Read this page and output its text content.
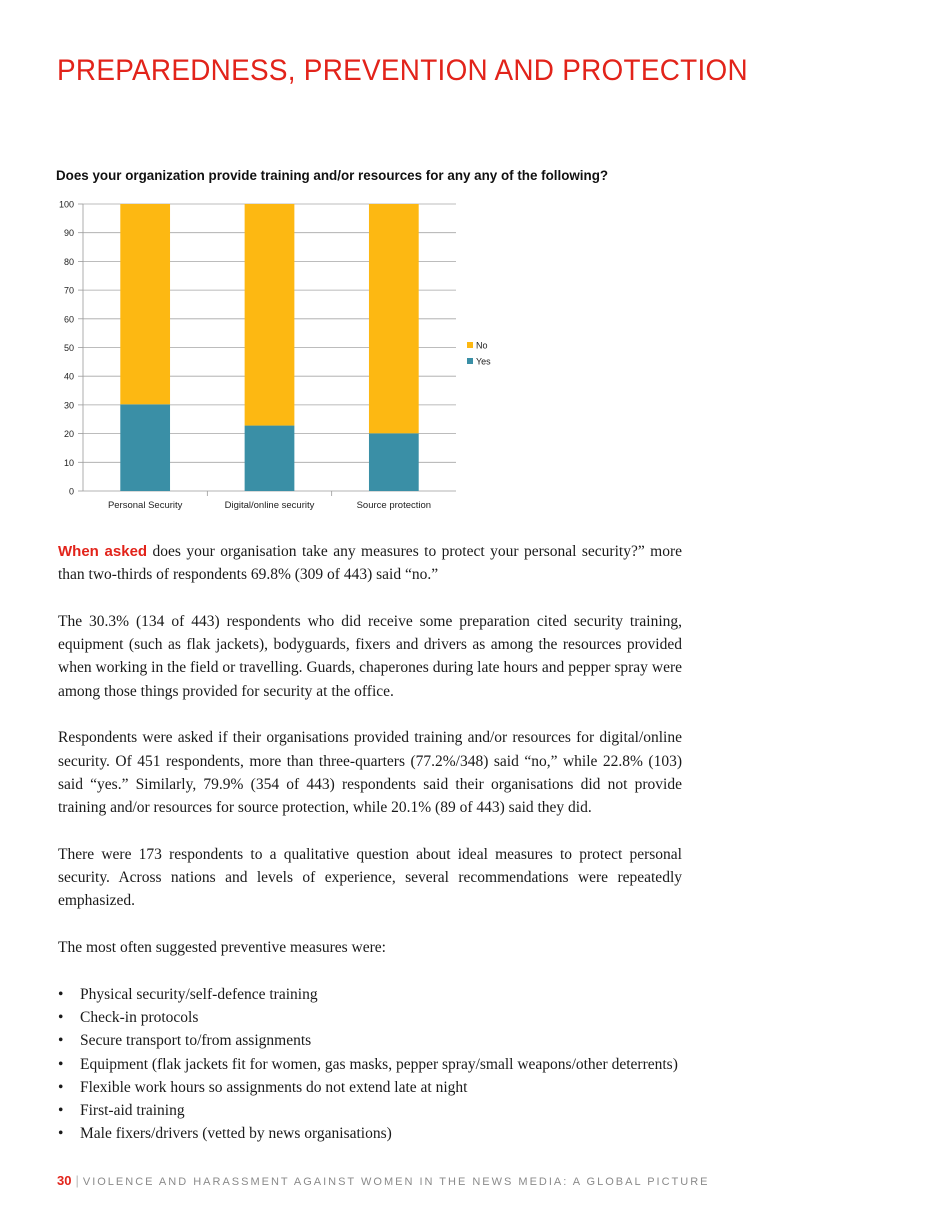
PREPAREDNESS, PREVENTION AND PROTECTION
Does your organization provide training and/or resources for any any of the following?
0
10
20
30
40
50
60
70
80
90
100
Personal Security	Digital/online security	Source protection
No
Yes

When asked does your organisation take any measures to protect your personal security?” more than two-thirds of respondents 69.8% (309 of 443) said “no.”

The 30.3% (134 of 443) respondents who did receive some preparation cited security training, equipment (such as flak jackets), bodyguards, fixers and drivers as among the resources provided when working in the field or travelling. Guards, chaperones during late hours and pepper spray were among those things provided for security at the office.

Respondents were asked if their organisations provided training and/or resources for digital/online security. Of 451 respondents, more than three-quarters (77.2%/348) said “no,” while 22.8% (103) said “yes.” Similarly, 79.9% (354 of 443) respondents said their organisations did not provide training and/or resources for source protection, while 20.1% (89 of 443) said they did.

There were 173 respondents to a qualitative question about ideal measures to protect personal security. Across nations and levels of experience, several recommendations were repeatedly emphasized.

The most often suggested preventive measures were:

• Physical security/self-defence training
• Check-in protocols
• Secure transport to/from assignments
• Equipment (flak jackets fit for women, gas masks, pepper spray/small weapons/other deterrents)
• Flexible work hours so assignments do not extend late at night
• First-aid training
• Male fixers/drivers (vetted by news organisations)
30 | VIOLENCE AND HARASSMENT AGAINST WOMEN IN THE NEWS MEDIA: A GLOBAL PICTURE
